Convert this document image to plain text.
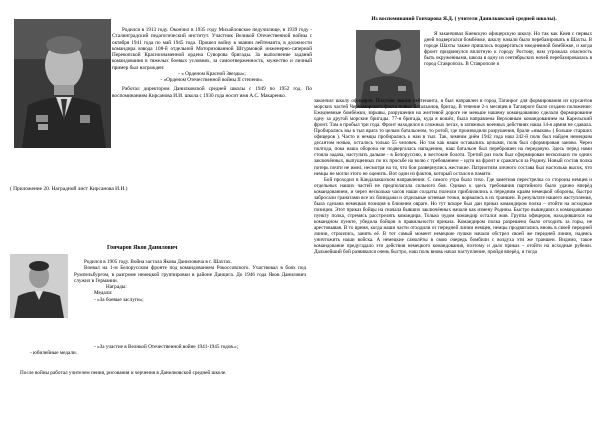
Родился в 1913 году. Окончил в 1935 году Михайловское педучилище, в 1939 году - Сталинградский педагогический институт. Участник Великой Отечественной войны с октября 1941 года по май 1945 года. Прошел войну в звании лейтенанта, в должности командира взвода 108-й отдельной Моторизованной Штурмовой инженерно-саперной Перекопской Краснознаменной ордена Суворова бригады. За выполнение заданий командования в тяжелых боевых условиях, за самоотверженность, мужество и личный пример был награжден:

- « Орденом Красной Звезды»;

- «Орденом Отечественной войны II степени».

Работал директором Данилковской средней школы с 1949 по 1952 год. По воспоминаниям Кирсанова И.И. школа с 1930 года носит имя А.С. Макаренко.

( Приложение 20. Наградной лист Кирсанова И.И.)
Гончаров Яков Данилович

Родился в 1905 году. Война застала Якова Даниловича в г. Шахтах.

Воевал на 1-м Белорусском фронте под командованием Рокоссовского. Участвовал в боях под Румпельбургом, в разгроме немецкой группировки в районе Данцига. До 1946 года Яков Данилович служил в Германии.

Награды:

Медали:

- «За боевые заслуги»;

- «За участие в Великой Отечественной войне 1941-1945 годов.»;

- юбилейные медали.

После войны работал учителем пения, рисования и черчения в Данилковской средней школе.
Из воспоминаний Гончарова Я.Д. ( учителя Данилковской средней школы).

Я заканчивал Киевскую офицерскую школу. Но так как Киев с первых дней подвергался бомбёжке, школу начали было перебазировать в Шахты. В городе Шахты также пришлось подвергаться ежедневной бомбёжке, и когда фронт придвинулся вплотную к городу Ростову, нам угрожала опасность быть окруженными, школа в одну из сентябрьских ночей перебазировалась в город Ставрополь. В Ставрополе я

закончил школу офицеров. Получив звание лейтенанта, я был направлен в город Таганрог для формирования из курсантов морских частей Черноморского флота новых батальонов, бригад. В течение 2-х месяцев в Таганроге было создано положение: Ежедневные бомбёжки, взрывы, разрушения на желтевой дороге не меньше нашему командованию сделали формирование одну за другой морские бригады. 77-я бригада, куда я вошёл, была направлена Верховным командованием на Карельский фронт. Там я пробыл три года. Фронт находился в сложных лесах, в затяжных военных действиях наша 14-я армия не сдавала. Пробирались мы в тыл врага то целым батальоном, то ротой, где производили разрушения, брали «языков» ( больше старших офицеров ). Часто и немцы пробирались к нам в тыл. Так, зимним днём 1942 года наш 242-й полк был найден немецким десантом ночью, осталось только 55 человек. Но так как наши оставались целыми, полк был сформирован заново. Через полгода, пока наша оборона не подвергалась нападению, наш батальон был переброшен на передовую. Здесь перед нами стояла задача, наступать дальше - в Белоруссию, в жестокие болота. Третий раз полк был сформирован нескольких по одних заключённых, выпущенных по их просьбе на волю с требованием – идти на фронт и сражаться за Родину. Новый состав полка потерь почти не имел, несмотря на то, что бои развернулись жестокие. Патриотизм личного состава был настолько высок, что немцы не могли этого не оценить. Вот один из фактов, который остался в памяти.

Бой проходил в Кандалакшском направлении. С самого утра было тихо. Где заметная перестрелка со стороны немцев и отдельных наших частей не предполагала сильного боя. Однако к здесь требования партийного было удачно вперёд командованием, и через несколько часов наши солдаты полезли приблизились к передним краям немецкой обороны, быстро забросали гранатами все их блиндажи и отдельные огневые точки, ворвались в их траншеи. В результате нашего наступления, была сделана немецкая позиция в ближнем овраге. Но тут вскоре был дан приказ командиром полка – отойти на исходные позиции. Этот приказ бойцы на сначала бывших заключённых начали как измену Родины. Быстро вышедших к командованию пункту полка, стремясь расстрелять командира. Только чудом командир остался жив. Группа офицеров, находившихся на командном пункте, убедила бойцов в правильности приказа. Командиром полка разрешено было отходить за горы, не арестовывая. В то время, когда наши части отходили от передней линии немцев, немцы продвигались вновь в своей передней линии, строились, занять её. В тот самый момент немецкие пушки начали обстрел своей же передней линии, надеясь уничтожить наши войска. А немецкие самолёты в свою очередь бомбили с воздуха эти же траншеи. Видимо, такое командование предугадало эти действия немецкого командования, поэтому и дало приказ – отойти на исходные рубежи. Дальнейший бой развивался очень быстро, наш полк вновь начал наступление, пройдя вперёд, и тогда
